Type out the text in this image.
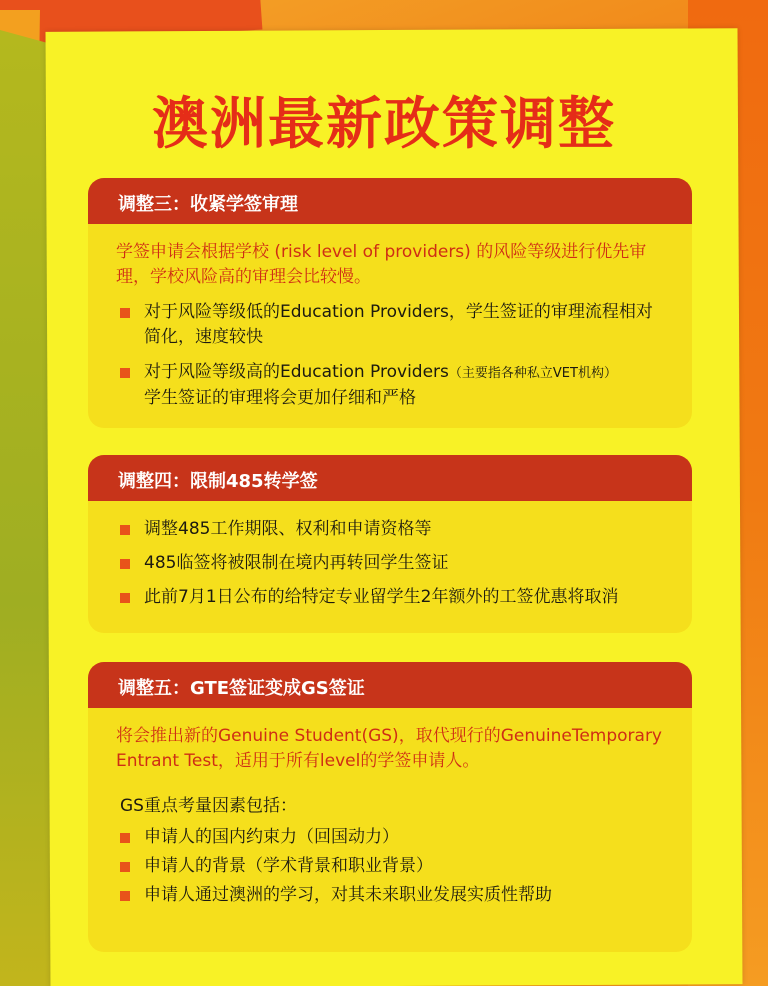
澳洲最新政策调整
调整三：收紧学签审理

学签申请会根据学校 (risk level of providers) 的风险等级进行优先审理，学校风险高的审理会比较慢。

对于风险等级低的Education Providers，学生签证的审理流程相对简化，速度较快
对于风险等级高的Education Providers（主要指各种私立VET机构）
学生签证的审理将会更加仔细和严格
调整四：限制485转学签
调整485工作期限、权利和申请资格等
485临签将被限制在境内再转回学生签证
此前7月1日公布的给特定专业留学生2年额外的工签优惠将取消
调整五：GTE签证变成GS签证

将会推出新的Genuine Student(GS)，取代现行的GenuineTemporary Entrant Test，适用于所有level的学签申请人。

GS重点考量因素包括：

申请人的国内约束力（回国动力）
申请人的背景（学术背景和职业背景）
申请人通过澳洲的学习，对其未来职业发展实质性帮助
